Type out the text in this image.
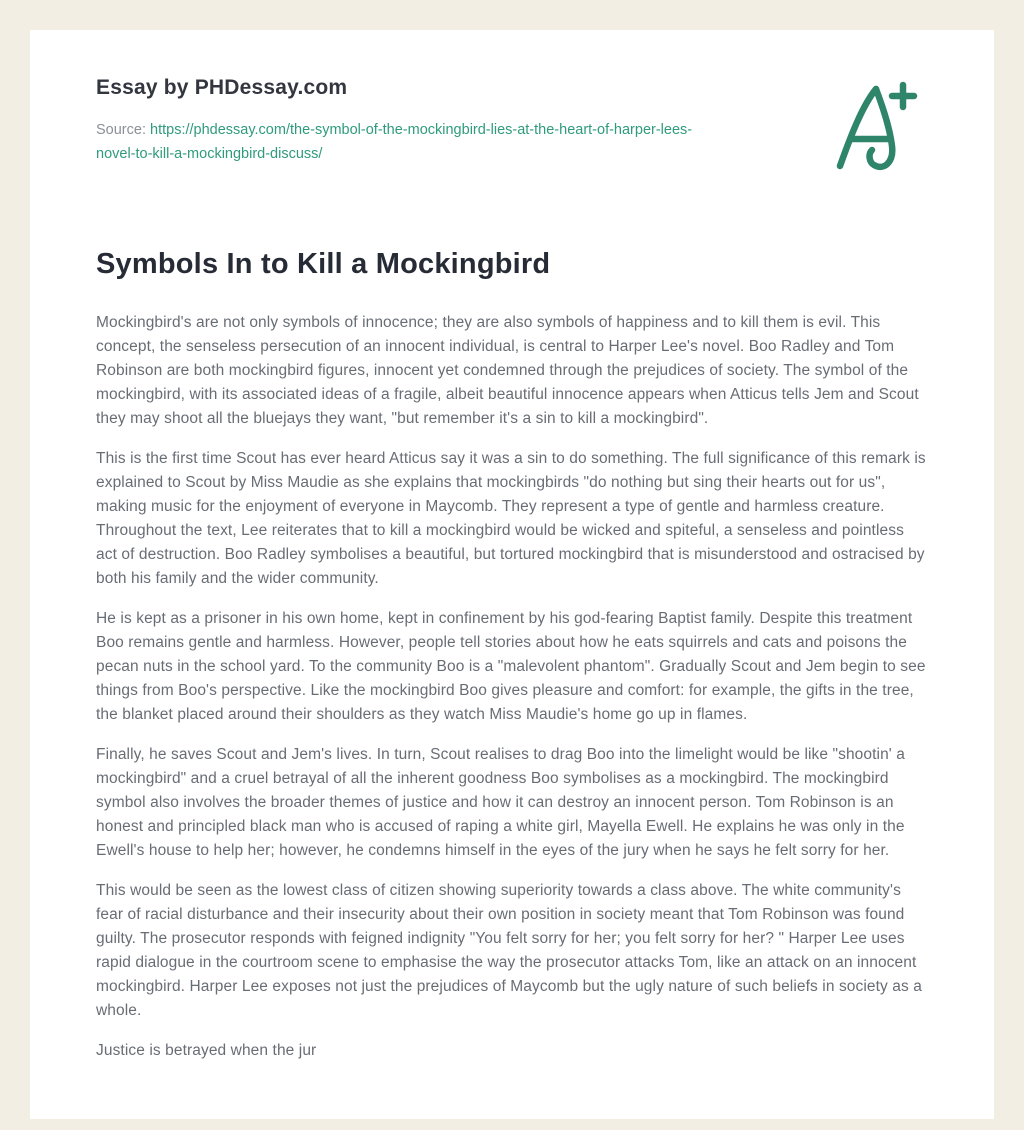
Essay by PHDessay.com

Source: https://phdessay.com/the-symbol-of-the-mockingbird-lies-at-the-heart-of-harper-lees-novel-to-kill-a-mockingbird-discuss/

Symbols In to Kill a Mockingbird

Mockingbird's are not only symbols of innocence; they are also symbols of happiness and to kill them is evil. This concept, the senseless persecution of an innocent individual, is central to Harper Lee's novel. Boo Radley and Tom Robinson are both mockingbird figures, innocent yet condemned through the prejudices of society. The symbol of the mockingbird, with its associated ideas of a fragile, albeit beautiful innocence appears when Atticus tells Jem and Scout they may shoot all the bluejays they want, "but remember it's a sin to kill a mockingbird".

This is the first time Scout has ever heard Atticus say it was a sin to do something. The full significance of this remark is explained to Scout by Miss Maudie as she explains that mockingbirds "do nothing but sing their hearts out for us", making music for the enjoyment of everyone in Maycomb. They represent a type of gentle and harmless creature. Throughout the text, Lee reiterates that to kill a mockingbird would be wicked and spiteful, a senseless and pointless act of destruction. Boo Radley symbolises a beautiful, but tortured mockingbird that is misunderstood and ostracised by both his family and the wider community.

He is kept as a prisoner in his own home, kept in confinement by his god-fearing Baptist family. Despite this treatment Boo remains gentle and harmless. However, people tell stories about how he eats squirrels and cats and poisons the pecan nuts in the school yard. To the community Boo is a "malevolent phantom". Gradually Scout and Jem begin to see things from Boo's perspective. Like the mockingbird Boo gives pleasure and comfort: for example, the gifts in the tree, the blanket placed around their shoulders as they watch Miss Maudie's home go up in flames.

Finally, he saves Scout and Jem's lives. In turn, Scout realises to drag Boo into the limelight would be like "shootin' a mockingbird" and a cruel betrayal of all the inherent goodness Boo symbolises as a mockingbird. The mockingbird symbol also involves the broader themes of justice and how it can destroy an innocent person. Tom Robinson is an honest and principled black man who is accused of raping a white girl, Mayella Ewell. He explains he was only in the Ewell's house to help her; however, he condemns himself in the eyes of the jury when he says he felt sorry for her.

This would be seen as the lowest class of citizen showing superiority towards a class above. The white community's fear of racial disturbance and their insecurity about their own position in society meant that Tom Robinson was found guilty. The prosecutor responds with feigned indignity "You felt sorry for her; you felt sorry for her? " Harper Lee uses rapid dialogue in the courtroom scene to emphasise the way the prosecutor attacks Tom, like an attack on an innocent mockingbird. Harper Lee exposes not just the prejudices of Maycomb but the ugly nature of such beliefs in society as a whole.

Justice is betrayed when the jur
